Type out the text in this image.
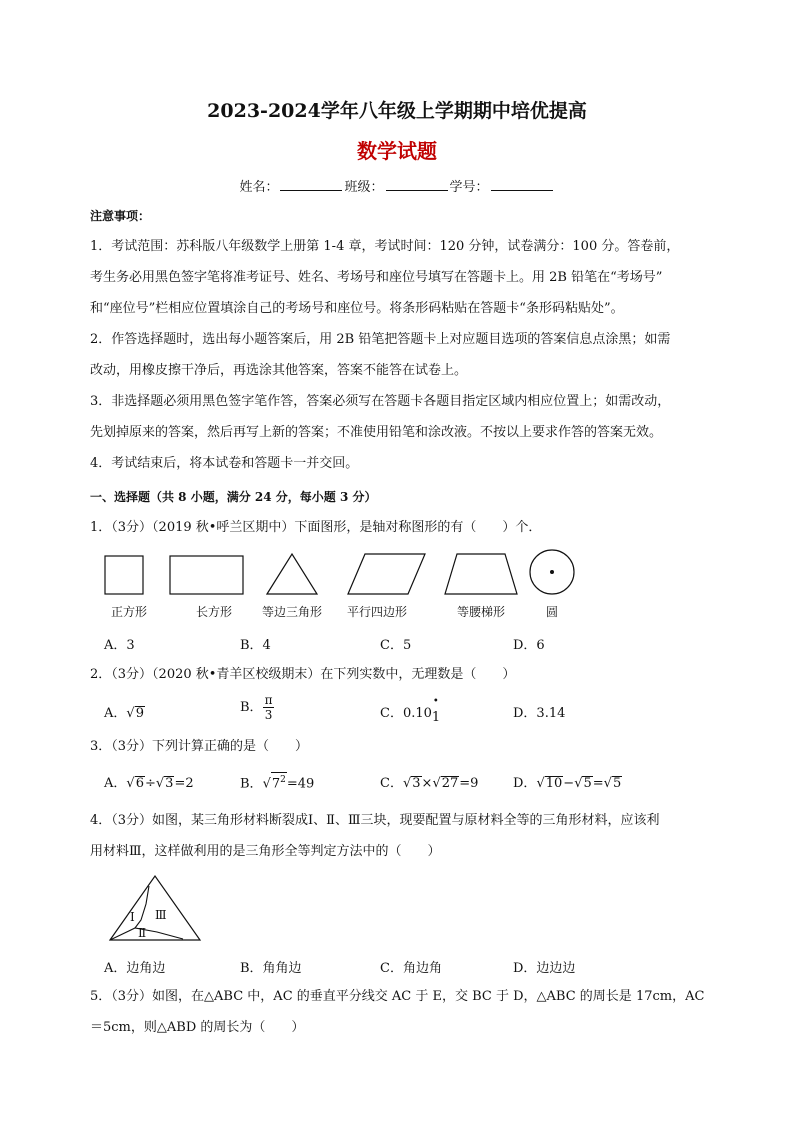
2023-2024学年八年级上学期期中培优提高
数学试题
姓名：	班级：	学号：
注意事项：
1．考试范围：苏科版八年级数学上册第 1-4 章，考试时间：120 分钟，试卷满分：100 分。答卷前，
考生务必用黑色签字笔将准考证号、姓名、考场号和座位号填写在答题卡上。用 2B 铅笔在“考场号”
和“座位号”栏相应位置填涂自己的考场号和座位号。将条形码粘贴在答题卡“条形码粘贴处”。
2．作答选择题时，选出每小题答案后，用 2B 铅笔把答题卡上对应题目选项的答案信息点涂黑；如需
改动，用橡皮擦干净后，再选涂其他答案，答案不能答在试卷上。
3．非选择题必须用黑色签字笔作答，答案必须写在答题卡各题目指定区域内相应位置上；如需改动，
先划掉原来的答案，然后再写上新的答案；不准使用铅笔和涂改液。不按以上要求作答的答案无效。
4．考试结束后，将本试卷和答题卡一并交回。
一、选择题（共 8 小题，满分 24 分，每小题 3 分）
1．（3分）（2019 秋•呼兰区期中）下面图形，是轴对称图形的有（　　）个．
正方形	长方形	等边三角形	平行四边形	等腰梯形	圆
A．3	B．4	C．5	D．6
2．（3分）（2020 秋•青羊区校级期末）在下列实数中，无理数是（　　）
A．√9	B． $\frac{\pi}{3}$	C．0.10
•
1	D．3.14
3．（3分）下列计算正确的是（　　）
A．√6÷√3=2	B．$√7^2=49$	C．√3×√27=9	D．√10−√5=√5
4．（3分）如图，某三角形材料断裂成Ⅰ、Ⅱ、Ⅲ三块，现要配置与原材料全等的三角形材料，应该利
用材料Ⅲ，这样做利用的是三角形全等判定方法中的（　　）
Ⅰ Ⅲ
Ⅱ
A．边角边	B．角角边	C．角边角	D．边边边
5．（3分）如图，在△ABC 中，AC 的垂直平分线交 AC 于 E，交 BC 于 D，△ABC 的周长是 17cm，AC
＝5cm，则△ABD 的周长为（　　）
